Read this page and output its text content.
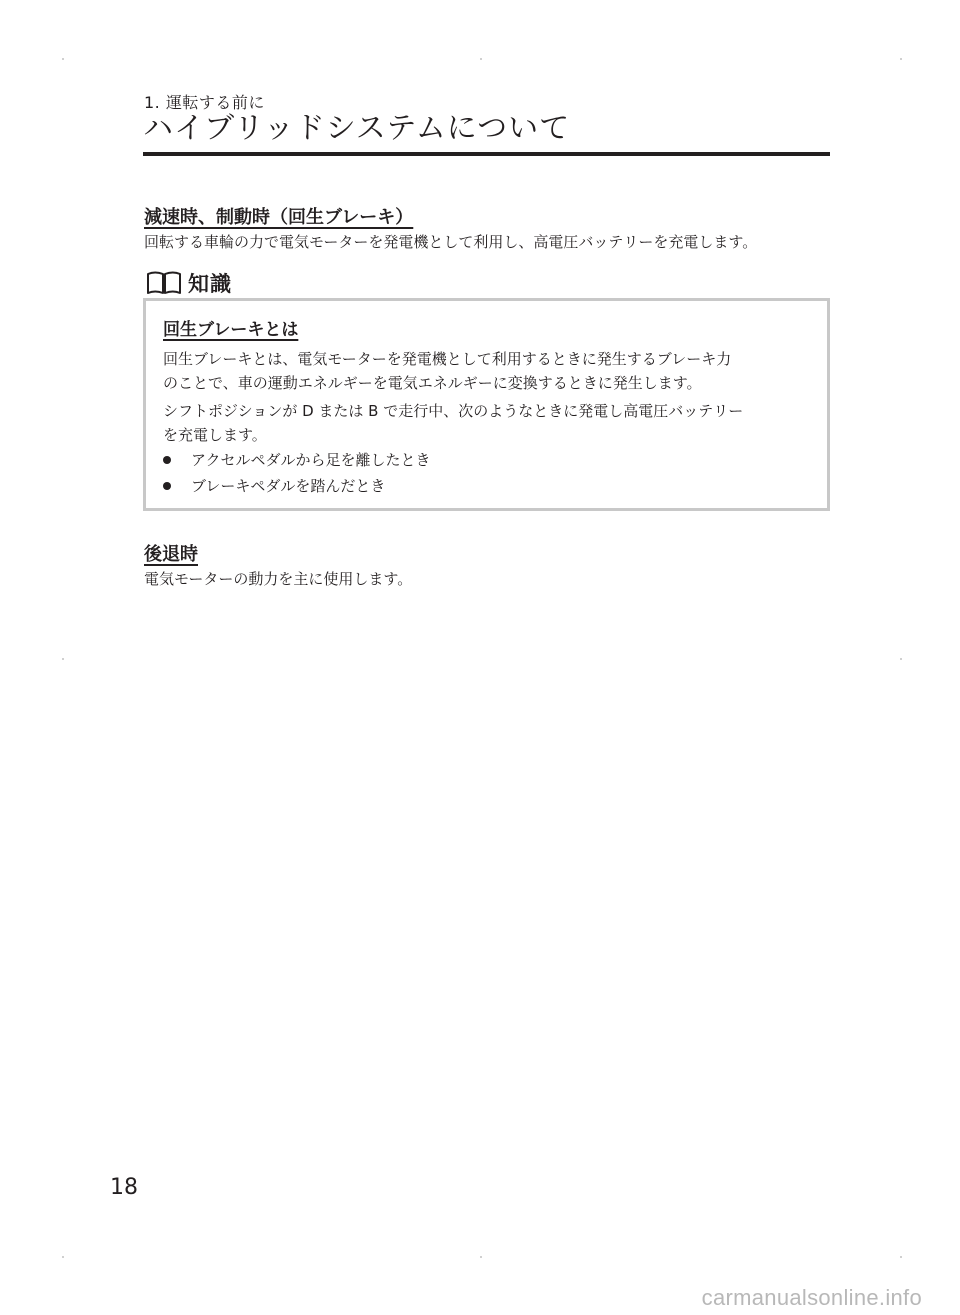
1. 運転する前に
ハイブリッドシステムについて
減速時、制動時（回生ブレーキ）
回転する車輪の力で電気モーターを発電機として利用し、高電圧バッテリーを充電します。
知識
回生ブレーキとは
回生ブレーキとは、電気モーターを発電機として利用するときに発生するブレーキ力
のことで、車の運動エネルギーを電気エネルギーに変換するときに発生します。
シフトポジションが D または B で走行中、次のようなときに発電し高電圧バッテリー
を充電します。
アクセルペダルから足を離したとき
ブレーキペダルを踏んだとき
後退時
電気モーターの動力を主に使用します。
18
carmanualsonline.info
